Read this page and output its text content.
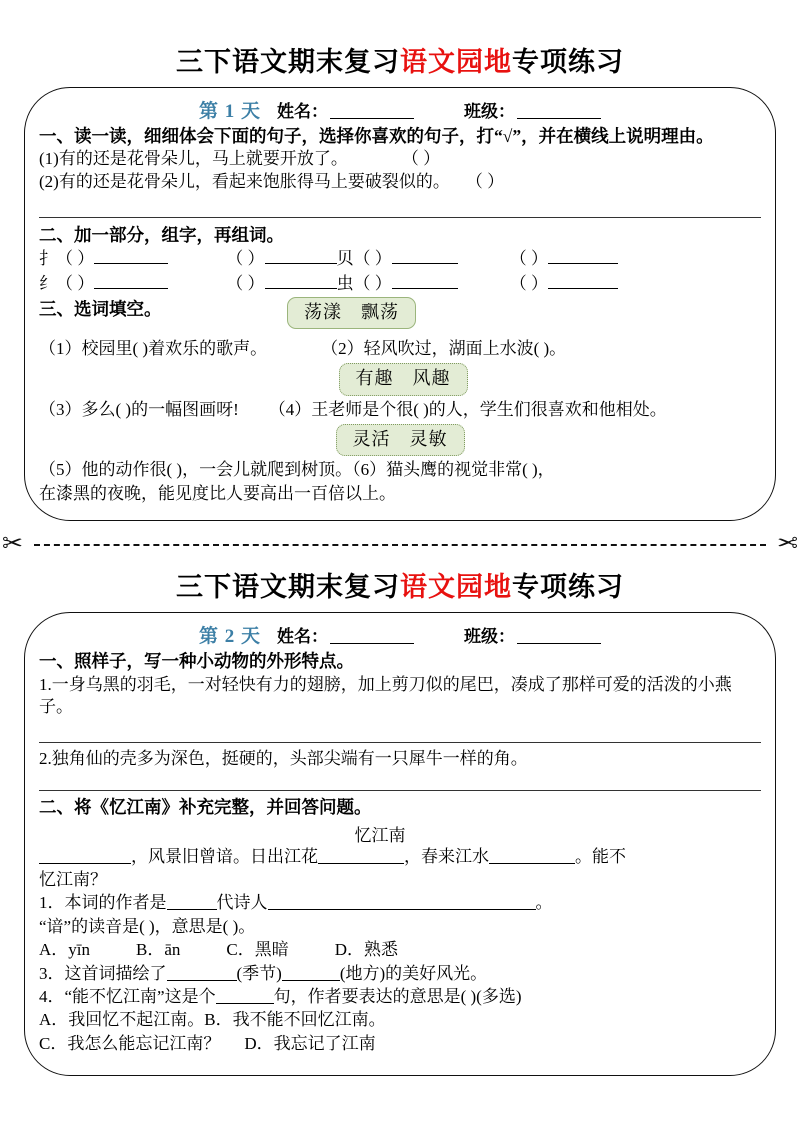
三下语文期末复习语文园地专项练习
第 1 天 姓名：	班级：
一、读一读，细细体会下面的句子，选择你喜欢的句子，打“√”，并在横线上说明理由。
(1)有的还是花骨朵儿，马上就要开放了。	（ ）
(2)有的还是花骨朵儿，看起来饱胀得马上要破裂似的。 （ ）
二、加一部分，组字，再组词。
扌 （ ）	（ ）	贝 （ ）	（ ）
纟 （ ）	（ ）	虫 （ ）	（ ）
三、选词填空。	荡漾　飘荡
（1）校园里( )着欢乐的歌声。	（2）轻风吹过，湖面上水波( )。
有趣　风趣
（3）多么( )的一幅图画呀! （4）王老师是个很( )的人，学生们很喜欢和他相处。
灵活　灵敏
（5）他的动作很( )，一会儿就爬到树顶。（6）猫头鹰的视觉非常( )，
在漆黑的夜晚，能见度比人要高出一百倍以上。
✂	✂
三下语文期末复习语文园地专项练习
第 2 天 姓名：	班级：
一、照样子，写一种小动物的外形特点。
1.一身乌黑的羽毛，一对轻快有力的翅膀，加上剪刀似的尾巴，凑成了那样可爱的活泼的小燕子。
2.独角仙的壳多为深色，挺硬的，头部尖端有一只犀牛一样的角。
二、将《忆江南》补充完整，并回答问题。
忆江南
，风景旧曾谙。日出江花	，春来江水	。能不
忆江南？
1．本词的作者是	代诗人	。
“谙”的读音是( )，意思是( )。
A．yīn	B．ān	C．黑暗	D．熟悉
3．这首词描绘了	(季节)	(地方)的美好风光。
4．“能不忆江南”这是个	句，作者要表达的意思是( )(多选)
A．我回忆不起江南。B．我不能不回忆江南。
C．我怎么能忘记江南？ D．我忘记了江南
